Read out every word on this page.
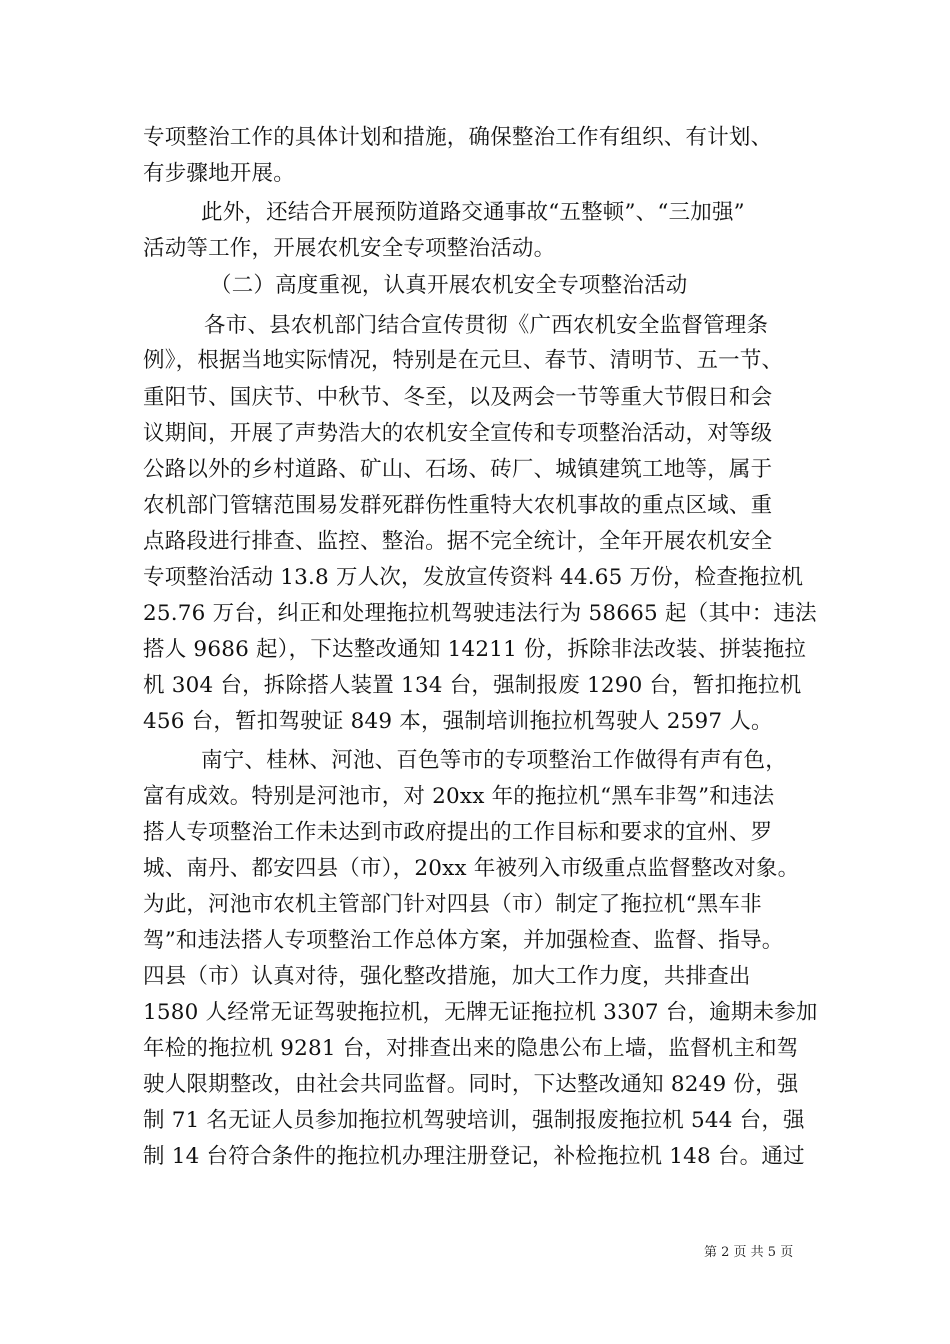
专项整治工作的具体计划和措施，确保整治工作有组织、有计划、
有步骤地开展。
此外，还结合开展预防道路交通事故“五整顿”、“三加强”
活动等工作，开展农机安全专项整治活动。
（二）高度重视，认真开展农机安全专项整治活动
各市、县农机部门结合宣传贯彻《广西农机安全监督管理条
例》，根据当地实际情况，特别是在元旦、春节、清明节、五一节、
重阳节、国庆节、中秋节、冬至，以及两会一节等重大节假日和会
议期间，开展了声势浩大的农机安全宣传和专项整治活动，对等级
公路以外的乡村道路、矿山、石场、砖厂、城镇建筑工地等，属于
农机部门管辖范围易发群死群伤性重特大农机事故的重点区域、重
点路段进行排查、监控、整治。据不完全统计，全年开展农机安全
专项整治活动 13.8 万人次，发放宣传资料 44.65 万份，检查拖拉机
25.76 万台，纠正和处理拖拉机驾驶违法行为 58665 起（其中：违法
搭人 9686 起），下达整改通知 14211 份，拆除非法改装、拼装拖拉
机 304 台，拆除搭人装置 134 台，强制报废 1290 台，暂扣拖拉机
456 台，暂扣驾驶证 849 本，强制培训拖拉机驾驶人 2597 人。
南宁、桂林、河池、百色等市的专项整治工作做得有声有色，
富有成效。特别是河池市，对 20xx 年的拖拉机“黑车非驾”和违法
搭人专项整治工作未达到市政府提出的工作目标和要求的宜州、罗
城、南丹、都安四县（市），20xx 年被列入市级重点监督整改对象。
为此，河池市农机主管部门针对四县（市）制定了拖拉机“黑车非
驾”和违法搭人专项整治工作总体方案，并加强检查、监督、指导。
四县（市）认真对待，强化整改措施，加大工作力度，共排查出
1580 人经常无证驾驶拖拉机，无牌无证拖拉机 3307 台，逾期未参加
年检的拖拉机 9281 台，对排查出来的隐患公布上墙，监督机主和驾
驶人限期整改，由社会共同监督。同时，下达整改通知 8249 份，强
制 71 名无证人员参加拖拉机驾驶培训，强制报废拖拉机 544 台，强
制 14 台符合条件的拖拉机办理注册登记，补检拖拉机 148 台。通过
第 2 页 共 5 页
